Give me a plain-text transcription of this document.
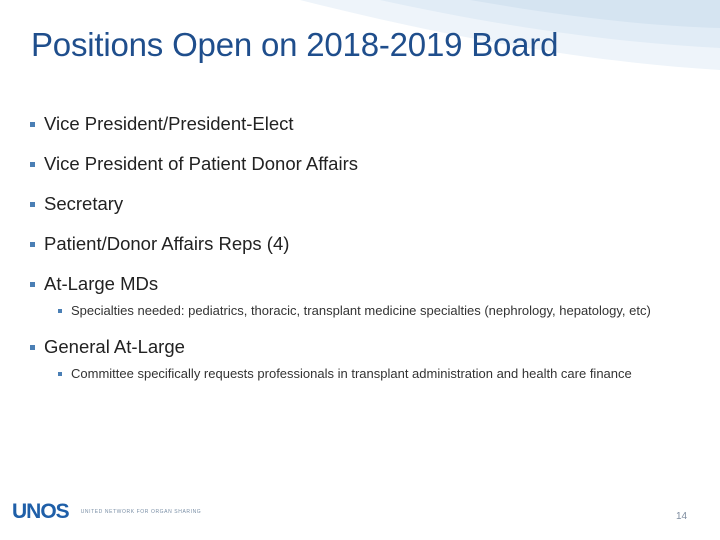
Positions Open on 2018-2019 Board
Vice President/President-Elect
Vice President of Patient Donor Affairs
Secretary
Patient/Donor Affairs Reps (4)
At-Large MDs
Specialties needed: pediatrics, thoracic, transplant medicine specialties (nephrology, hepatology, etc)
General At-Large
Committee specifically requests professionals in transplant administration and health care finance
UNOS UNITED NETWORK FOR ORGAN SHARING	14
